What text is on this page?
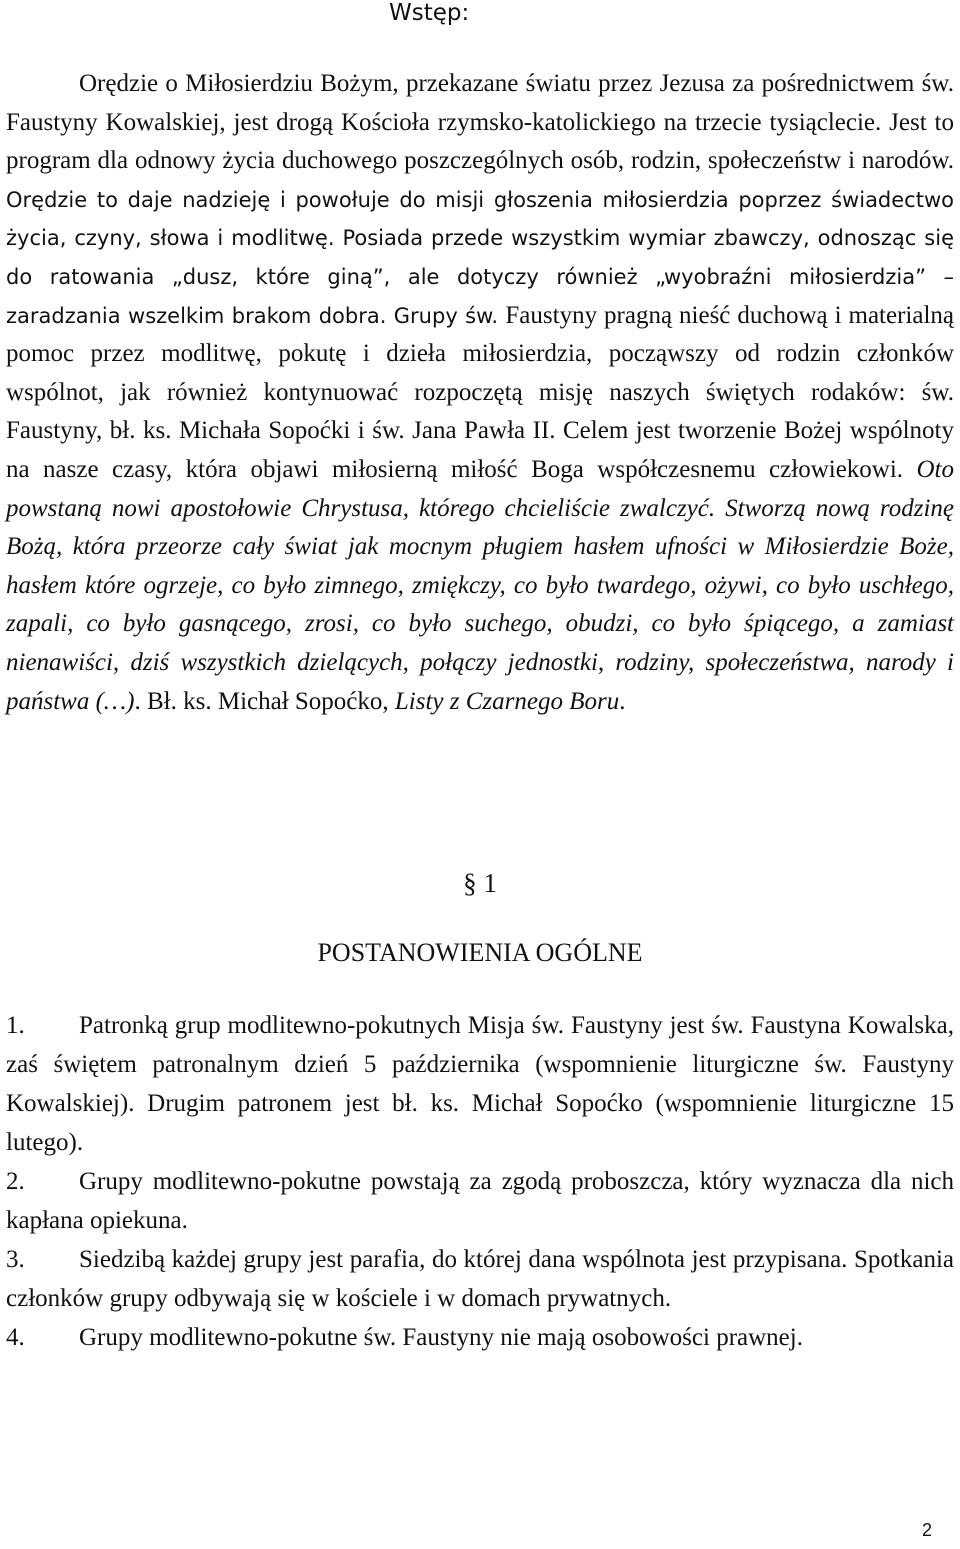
Wstęp:

Orędzie o Miłosierdziu Bożym, przekazane światu przez Jezusa za pośrednictwem św. Faustyny Kowalskiej, jest drogą Kościoła rzymsko-katolickiego na trzecie tysiąclecie. Jest to program dla odnowy życia duchowego poszczególnych osób, rodzin, społeczeństw i narodów. Orędzie to daje nadzieję i powołuje do misji głoszenia miłosierdzia poprzez świadectwo życia, czyny, słowa i modlitwę. Posiada przede wszystkim wymiar zbawczy, odnosząc się do ratowania „dusz, które giną”, ale dotyczy również „wyobraźni miłosierdzia” – zaradzania wszelkim brakom dobra. Grupy św. Faustyny pragną nieść duchową i materialną pomoc przez modlitwę, pokutę i dzieła miłosierdzia, począwszy od rodzin członków wspólnot, jak również kontynuować rozpoczętą misję naszych świętych rodaków: św. Faustyny, bł. ks. Michała Sopoćki i św. Jana Pawła II. Celem jest tworzenie Bożej wspólnoty na nasze czasy, która objawi miłosierną miłość Boga współczesnemu człowiekowi. Oto powstaną nowi apostołowie Chrystusa, którego chcieliście zwalczyć. Stworzą nową rodzinę Bożą, która przeorze cały świat jak mocnym pługiem hasłem ufności w Miłosierdzie Boże, hasłem które ogrzeje, co było zimnego, zmiękczy, co było twardego, ożywi, co było uschłego, zapali, co było gasnącego, zrosi, co było suchego, obudzi, co było śpiącego, a zamiast nienawiści, dziś wszystkich dzielących, połączy jednostki, rodziny, społeczeństwa, narody i państwa (…). Bł. ks. Michał Sopoćko, Listy z Czarnego Boru.

§ 1
POSTANOWIENIA OGÓLNE
1. Patronką grup modlitewno-pokutnych Misja św. Faustyny jest św. Faustyna Kowalska, zaś świętem patronalnym dzień 5 października (wspomnienie liturgiczne św. Faustyny Kowalskiej). Drugim patronem jest bł. ks. Michał Sopoćko (wspomnienie liturgiczne 15 lutego).
2. Grupy modlitewno-pokutne powstają za zgodą proboszcza, który wyznacza dla nich kapłana opiekuna.
3. Siedzibą każdej grupy jest parafia, do której dana wspólnota jest przypisana. Spotkania członków grupy odbywają się w kościele i w domach prywatnych.
4. Grupy modlitewno-pokutne św. Faustyny nie mają osobowości prawnej.
2
